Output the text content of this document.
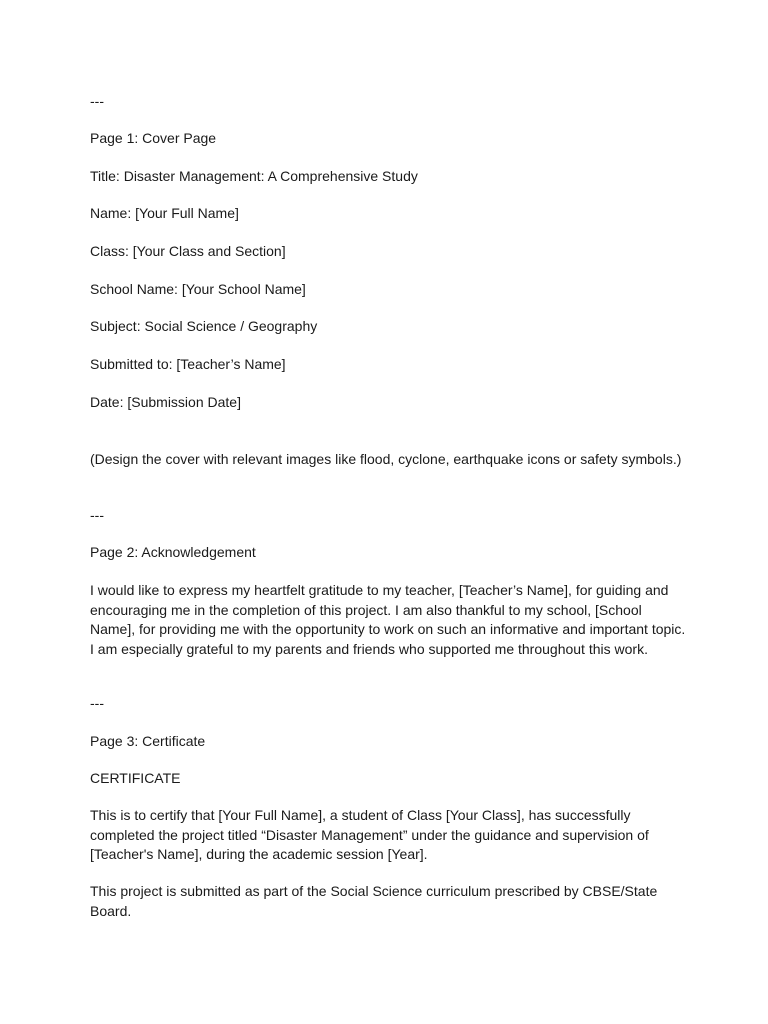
---
Page 1: Cover Page
Title: Disaster Management: A Comprehensive Study
Name: [Your Full Name]
Class: [Your Class and Section]
School Name: [Your School Name]
Subject: Social Science / Geography
Submitted to: [Teacher’s Name]
Date: [Submission Date]
(Design the cover with relevant images like flood, cyclone, earthquake icons or safety symbols.)
---
Page 2: Acknowledgement
I would like to express my heartfelt gratitude to my teacher, [Teacher’s Name], for guiding and
encouraging me in the completion of this project. I am also thankful to my school, [School
Name], for providing me with the opportunity to work on such an informative and important topic.
I am especially grateful to my parents and friends who supported me throughout this work.
---
Page 3: Certificate
CERTIFICATE
This is to certify that [Your Full Name], a student of Class [Your Class], has successfully
completed the project titled “Disaster Management” under the guidance and supervision of
[Teacher's Name], during the academic session [Year].
This project is submitted as part of the Social Science curriculum prescribed by CBSE/State
Board.
